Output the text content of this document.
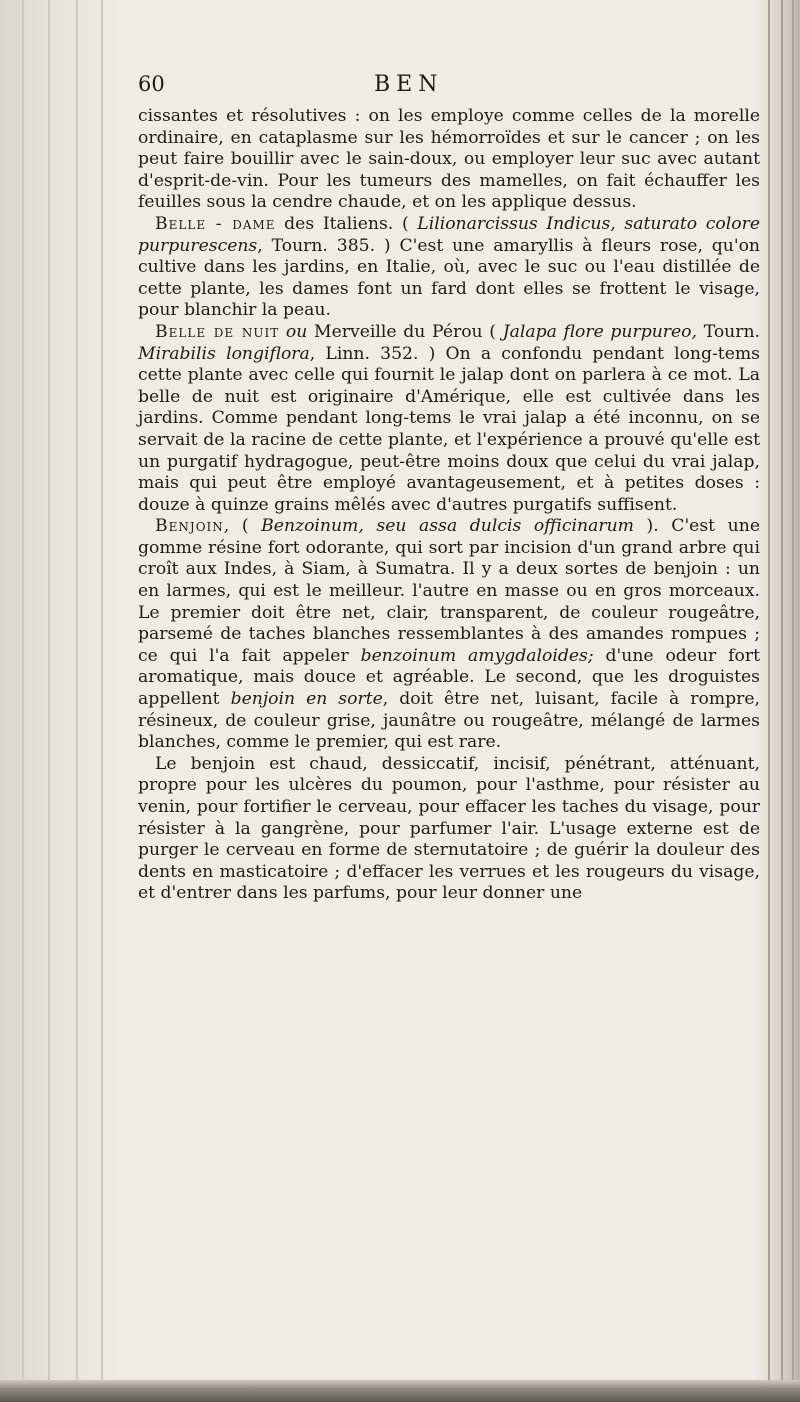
60	BEN

cissantes et résolutives : on les employe comme celles de la morelle ordinaire, en cataplasme sur les hémorroïdes et sur le cancer ; on les peut faire bouillir avec le sain-doux, ou employer leur suc avec autant d'esprit-de-vin. Pour les tumeurs des mamelles, on fait échauffer les feuilles sous la cendre chaude, et on les applique dessus.

Belle - dame des Italiens. ( Lilionarcissus Indicus, saturato colore purpurescens, Tourn. 385. ) C'est une amaryllis à fleurs rose, qu'on cultive dans les jardins, en Italie, où, avec le suc ou l'eau distillée de cette plante, les dames font un fard dont elles se frottent le visage, pour blanchir la peau.

Belle de nuit ou Merveille du Pérou ( Jalapa flore purpureo, Tourn. Mirabilis longiflora, Linn. 352. ) On a confondu pendant long-tems cette plante avec celle qui fournit le jalap dont on parlera à ce mot. La belle de nuit est originaire d'Amérique, elle est cultivée dans les jardins. Comme pendant long-tems le vrai jalap a été inconnu, on se servait de la racine de cette plante, et l'expérience a prouvé qu'elle est un purgatif hydragogue, peut-être moins doux que celui du vrai jalap, mais qui peut être employé avantageusement, et à petites doses : douze à quinze grains mêlés avec d'autres purgatifs suffisent.

Benjoin, ( Benzoinum, seu assa dulcis officinarum ). C'est une gomme résine fort odorante, qui sort par incision d'un grand arbre qui croît aux Indes, à Siam, à Sumatra. Il y a deux sortes de benjoin : un en larmes, qui est le meilleur. l'autre en masse ou en gros morceaux. Le premier doit être net, clair, transparent, de couleur rougeâtre, parsemé de taches blanches ressemblantes à des amandes rompues ; ce qui l'a fait appeler benzoinum amygdaloides; d'une odeur fort aromatique, mais douce et agréable. Le second, que les droguistes appellent benjoin en sorte, doit être net, luisant, facile à rompre, résineux, de couleur grise, jaunâtre ou rougeâtre, mélangé de larmes blanches, comme le premier, qui est rare.

Le benjoin est chaud, dessiccatif, incisif, pénétrant, atténuant, propre pour les ulcères du poumon, pour l'asthme, pour résister au venin, pour fortifier le cerveau, pour effacer les taches du visage, pour résister à la gangrène, pour parfumer l'air. L'usage externe est de purger le cerveau en forme de sternutatoire ; de guérir la douleur des dents en masticatoire ; d'effacer les verrues et les rougeurs du visage, et d'entrer dans les parfums, pour leur donner une
